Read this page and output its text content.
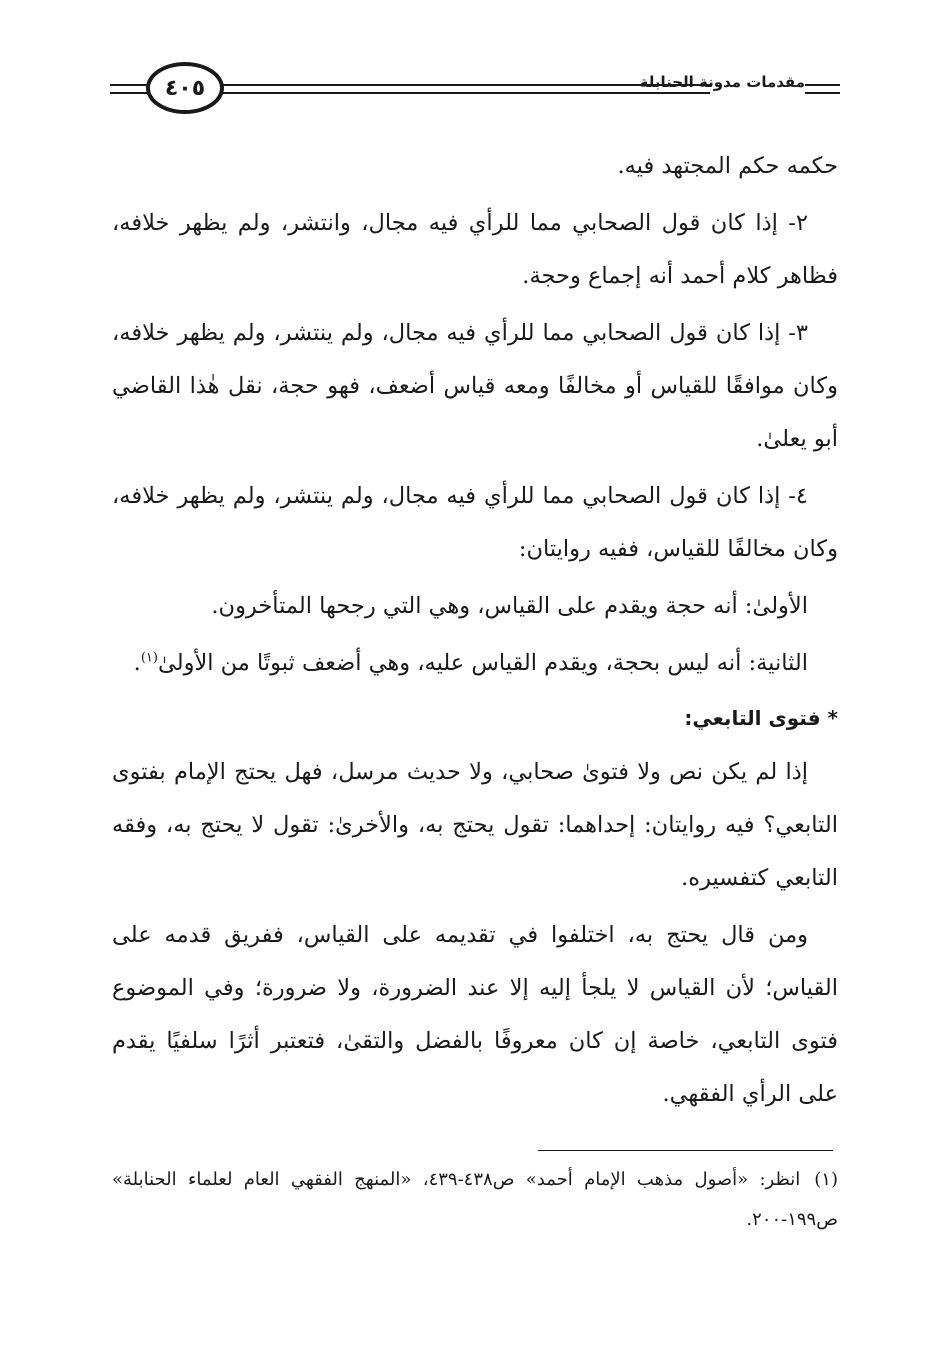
٤٠٥	مقدمات مدونة الحنابلة

حكمه حكم المجتهد فيه.

٢- إذا كان قول الصحابي مما للرأي فيه مجال، وانتشر، ولم يظهر خلافه، فظاهر كلام أحمد أنه إجماع وحجة.

٣- إذا كان قول الصحابي مما للرأي فيه مجال، ولم ينتشر، ولم يظهر خلافه، وكان موافقًا للقياس أو مخالفًا ومعه قياس أضعف، فهو حجة، نقل هٰذا القاضي أبو يعلىٰ.

٤- إذا كان قول الصحابي مما للرأي فيه مجال، ولم ينتشر، ولم يظهر خلافه، وكان مخالفًا للقياس، ففيه روايتان:

الأولىٰ: أنه حجة ويقدم على القياس، وهي التي رجحها المتأخرون.

الثانية: أنه ليس بحجة، ويقدم القياس عليه، وهي أضعف ثبوتًا من الأولىٰ$^{(١)}$.

* فتوى التابعي:

إذا لم يكن نص ولا فتوىٰ صحابي، ولا حديث مرسل، فهل يحتج الإمام بفتوى التابعي؟ فيه روايتان: إحداهما: تقول يحتج به، والأخرىٰ: تقول لا يحتج به، وفقه التابعي كتفسيره.

ومن قال يحتج به، اختلفوا في تقديمه على القياس، ففريق قدمه على القياس؛ لأن القياس لا يلجأ إليه إلا عند الضرورة، ولا ضرورة؛ وفي الموضوع فتوى التابعي، خاصة إن كان معروفًا بالفضل والتقىٰ، فتعتبر أثرًا سلفيًا يقدم على الرأي الفقهي.

(١)انظر: «أصول مذهب الإمام أحمد» ص٤٣٨-٤٣٩، «المنهج الفقهي العام لعلماء الحنابلة» ص١٩٩-٢٠٠.
